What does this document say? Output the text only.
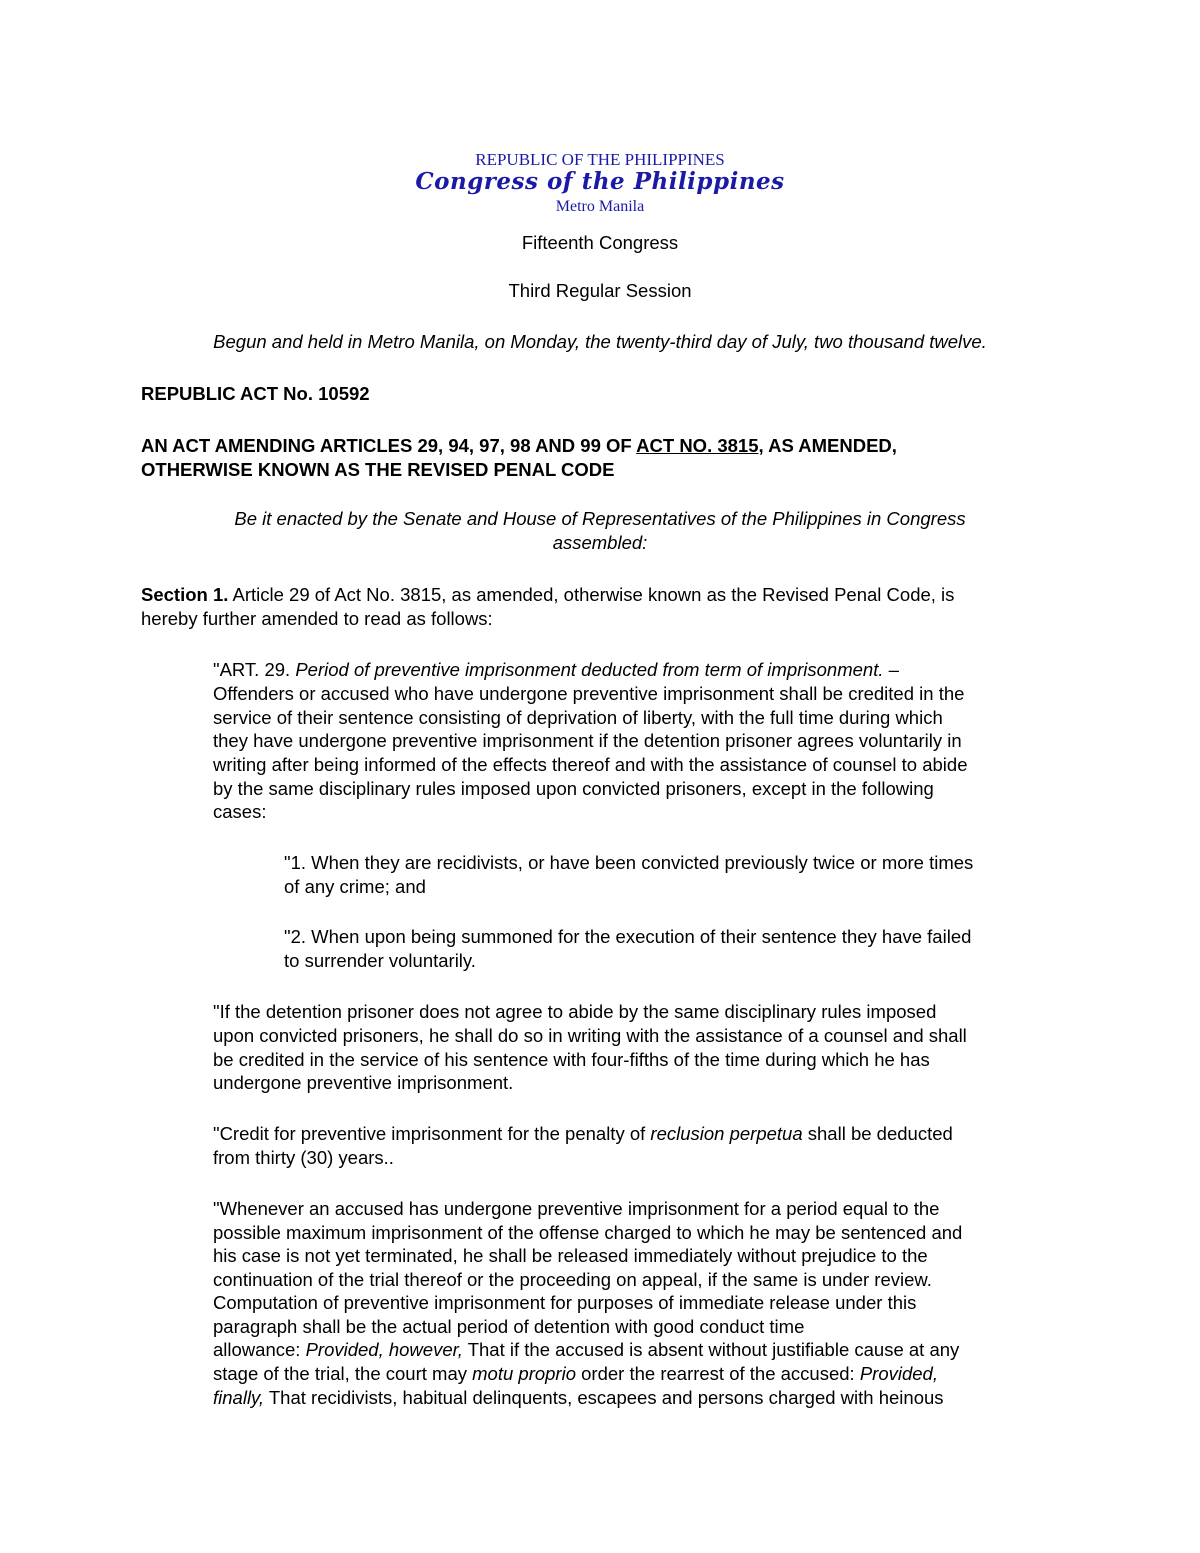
REPUBLIC OF THE PHILIPPINES
Congress of the Philippines
Metro Manila
Fifteenth Congress
Third Regular Session
Begun and held in Metro Manila, on Monday, the twenty-third day of July, two thousand twelve.
REPUBLIC ACT No. 10592
AN ACT AMENDING ARTICLES 29, 94, 97, 98 AND 99 OF ACT NO. 3815, AS AMENDED,
OTHERWISE KNOWN AS THE REVISED PENAL CODE
Be it enacted by the Senate and House of Representatives of the Philippines in Congress
assembled:
Section 1. Article 29 of Act No. 3815, as amended, otherwise known as the Revised Penal Code, is
hereby further amended to read as follows:
"ART. 29. Period of preventive imprisonment deducted from term of imprisonment. –
Offenders or accused who have undergone preventive imprisonment shall be credited in the
service of their sentence consisting of deprivation of liberty, with the full time during which
they have undergone preventive imprisonment if the detention prisoner agrees voluntarily in
writing after being informed of the effects thereof and with the assistance of counsel to abide
by the same disciplinary rules imposed upon convicted prisoners, except in the following
cases:
"1. When they are recidivists, or have been convicted previously twice or more times
of any crime; and
"2. When upon being summoned for the execution of their sentence they have failed
to surrender voluntarily.
"If the detention prisoner does not agree to abide by the same disciplinary rules imposed
upon convicted prisoners, he shall do so in writing with the assistance of a counsel and shall
be credited in the service of his sentence with four-fifths of the time during which he has
undergone preventive imprisonment.
"Credit for preventive imprisonment for the penalty of reclusion perpetua shall be deducted
from thirty (30) years..
"Whenever an accused has undergone preventive imprisonment for a period equal to the
possible maximum imprisonment of the offense charged to which he may be sentenced and
his case is not yet terminated, he shall be released immediately without prejudice to the
continuation of the trial thereof or the proceeding on appeal, if the same is under review.
Computation of preventive imprisonment for purposes of immediate release under this
paragraph shall be the actual period of detention with good conduct time
allowance: Provided, however, That if the accused is absent without justifiable cause at any
stage of the trial, the court may motu proprio order the rearrest of the accused: Provided,
finally, That recidivists, habitual delinquents, escapees and persons charged with heinous
